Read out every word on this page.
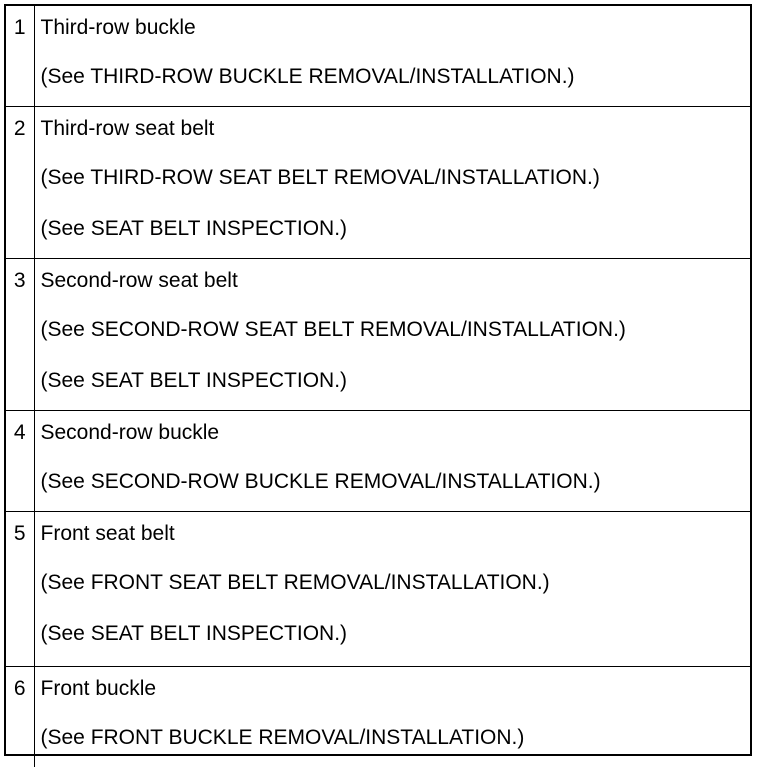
1	Third-row buckle
(See THIRD-ROW BUCKLE REMOVAL/INSTALLATION.)

2	Third-row seat belt
(See THIRD-ROW SEAT BELT REMOVAL/INSTALLATION.)
(See SEAT BELT INSPECTION.)

3	Second-row seat belt
(See SECOND-ROW SEAT BELT REMOVAL/INSTALLATION.)
(See SEAT BELT INSPECTION.)

4	Second-row buckle
(See SECOND-ROW BUCKLE REMOVAL/INSTALLATION.)

5	Front seat belt
(See FRONT SEAT BELT REMOVAL/INSTALLATION.)
(See SEAT BELT INSPECTION.)

6	Front buckle
(See FRONT BUCKLE REMOVAL/INSTALLATION.)
